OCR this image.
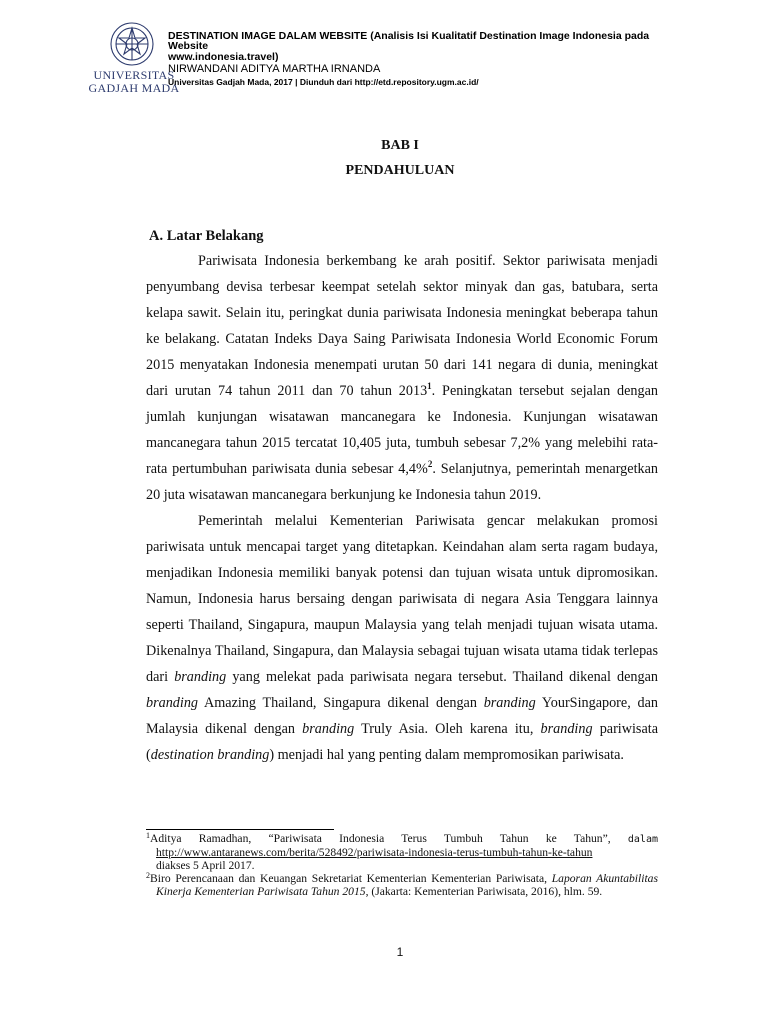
UNIVERSITAS
GADJAH MADA
DESTINATION IMAGE DALAM WEBSITE (Analisis Isi Kualitatif Destination Image Indonesia pada
Website
www.indonesia.travel)
NIRWANDANI ADITYA MARTHA IRNANDA
Universitas Gadjah Mada, 2017 | Diunduh dari http://etd.repository.ugm.ac.id/
BAB I
PENDAHULUAN
A. Latar Belakang

Pariwisata Indonesia berkembang ke arah positif. Sektor pariwisata menjadi penyumbang devisa terbesar keempat setelah sektor minyak dan gas, batubara, serta kelapa sawit. Selain itu, peringkat dunia pariwisata Indonesia meningkat beberapa tahun ke belakang. Catatan Indeks Daya Saing Pariwisata Indonesia World Economic Forum 2015 menyatakan Indonesia menempati urutan 50 dari 141 negara di dunia, meningkat dari urutan 74 tahun 2011 dan 70 tahun 2013$^1$. Peningkatan tersebut sejalan dengan jumlah kunjungan wisatawan mancanegara ke Indonesia. Kunjungan wisatawan mancanegara tahun 2015 tercatat 10,405 juta, tumbuh sebesar 7,2% yang melebihi rata-rata pertumbuhan pariwisata dunia sebesar 4,4%$^2$. Selanjutnya, pemerintah menargetkan 20 juta wisatawan mancanegara berkunjung ke Indonesia tahun 2019.

Pemerintah melalui Kementerian Pariwisata gencar melakukan promosi pariwisata untuk mencapai target yang ditetapkan. Keindahan alam serta ragam budaya, menjadikan Indonesia memiliki banyak potensi dan tujuan wisata untuk dipromosikan. Namun, Indonesia harus bersaing dengan pariwisata di negara Asia Tenggara lainnya seperti Thailand, Singapura, maupun Malaysia yang telah menjadi tujuan wisata utama. Dikenalnya Thailand, Singapura, dan Malaysia sebagai tujuan wisata utama tidak terlepas dari branding yang melekat pada pariwisata negara tersebut. Thailand dikenal dengan branding Amazing Thailand, Singapura dikenal dengan branding YourSingapore, dan Malaysia dikenal dengan branding Truly Asia. Oleh karena itu, branding pariwisata (destination branding) menjadi hal yang penting dalam mempromosikan pariwisata.

$^1$Aditya Ramadhan, “Pariwisata Indonesia Terus Tumbuh Tahun ke Tahun”, dalam http://www.antaranews.com/berita/528492/pariwisata-indonesia-terus-tumbuh-tahun-ke-tahun
diakses 5 April 2017.
$^2$Biro Perencanaan dan Keuangan Sekretariat Kementerian Kementerian Pariwisata, Laporan Akuntabilitas Kinerja Kementerian Pariwisata Tahun 2015, (Jakarta: Kementerian Pariwisata, 2016), hlm. 59.
1
